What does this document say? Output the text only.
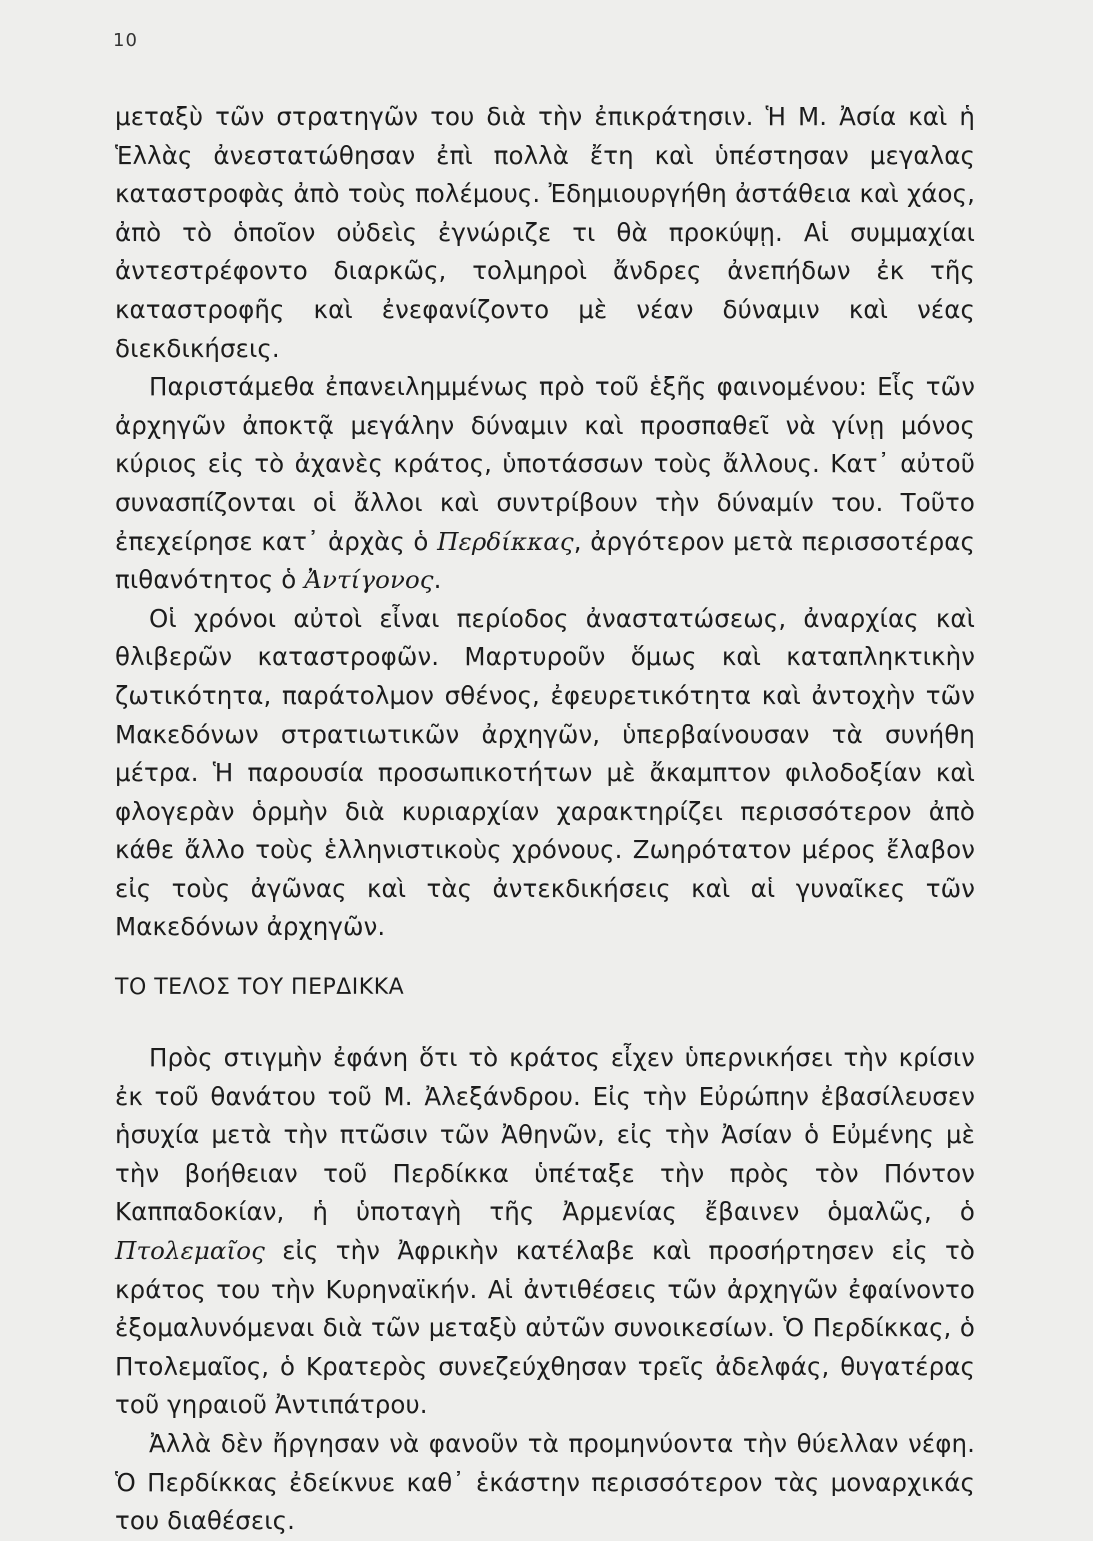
10

μεταξὺ τῶν στρατηγῶν του διὰ τὴν ἐπικράτησιν. Ἡ Μ. Ἀσία καὶ ἡ Ἑλλὰς ἀνεστατώθησαν ἐπὶ πολλὰ ἔτη καὶ ὑπέστησαν μεγαλας καταστροφὰς ἀπὸ τοὺς πολέμους. Ἐδημιουργήθη ἀστάθεια καὶ χάος, ἀπὸ τὸ ὁποῖον οὐδεὶς ἐγνώριζε τι θὰ προκύψῃ. Αἱ συμμαχίαι ἀντεστρέφοντο διαρκῶς, τολμηροὶ ἄνδρες ἀνεπήδων ἐκ τῆς καταστροφῆς καὶ ἐνεφανίζοντο μὲ νέαν δύναμιν καὶ νέας διεκδικήσεις.

Παριστάμεθα ἐπανειλημμένως πρὸ τοῦ ἑξῆς φαινομένου: Εἷς τῶν ἀρχηγῶν ἀποκτᾷ μεγάλην δύναμιν καὶ προσπαθεῖ νὰ γίνῃ μόνος κύριος εἰς τὸ ἀχανὲς κράτος, ὑποτάσσων τοὺς ἄλλους. Κατ᾽ αὐτοῦ συνασπίζονται οἱ ἄλλοι καὶ συντρίβουν τὴν δύναμίν του. Τοῦτο ἐπεχείρησε κατ᾽ ἀρχὰς ὁ Περδίκκας, ἀργότερον μετὰ περισσοτέρας πιθανότητος ὁ Ἀντίγονος.

Οἱ χρόνοι αὐτοὶ εἶναι περίοδος ἀναστατώσεως, ἀναρχίας καὶ θλιβερῶν καταστροφῶν. Μαρτυροῦν ὅμως καὶ καταπληκτικὴν ζωτικότητα, παράτολμον σθένος, ἐφευρετικότητα καὶ ἀντοχὴν τῶν Μακεδόνων στρατιωτικῶν ἀρχηγῶν, ὑπερβαίνουσαν τὰ συνήθη μέτρα. Ἡ παρουσία προσωπικοτήτων μὲ ἄκαμπτον φιλοδοξίαν καὶ φλογερὰν ὁρμὴν διὰ κυριαρχίαν χαρακτηρίζει περισσότερον ἀπὸ κάθε ἄλλο τοὺς ἑλληνιστικοὺς χρόνους. Ζωηρότατον μέρος ἔλαβον εἰς τοὺς ἀγῶνας καὶ τὰς ἀντεκδικήσεις καὶ αἱ γυναῖκες τῶν Μακεδόνων ἀρχηγῶν.

ΤΟ ΤΕΛΟΣ ΤΟΥ ΠΕΡΔΙΚΚΑ

Πρὸς στιγμὴν ἐφάνη ὅτι τὸ κράτος εἶχεν ὑπερνικήσει τὴν κρίσιν ἐκ τοῦ θανάτου τοῦ Μ. Ἀλεξάνδρου. Εἰς τὴν Εὐρώπην ἐβασίλευσεν ἡσυχία μετὰ τὴν πτῶσιν τῶν Ἀθηνῶν, εἰς τὴν Ἀσίαν ὁ Εὐμένης μὲ τὴν βοήθειαν τοῦ Περδίκκα ὑπέταξε τὴν πρὸς τὸν Πόντον Καππαδοκίαν, ἡ ὑποταγὴ τῆς Ἀρμενίας ἔβαινεν ὁμαλῶς, ὁ Πτολεμαῖος εἰς τὴν Ἀφρικὴν κατέλαβε καὶ προσήρτησεν εἰς τὸ κράτος του τὴν Κυρηναϊκήν. Αἱ ἀντιθέσεις τῶν ἀρχηγῶν ἐφαίνοντο ἐξομαλυνόμεναι διὰ τῶν μεταξὺ αὐτῶν συνοικεσίων. Ὁ Περδίκκας, ὁ Πτολεμαῖος, ὁ Κρατερὸς συνεζεύχθησαν τρεῖς ἀδελφάς, θυγατέρας τοῦ γηραιοῦ Ἀντιπάτρου.

Ἀλλὰ δὲν ἤργησαν νὰ φανοῦν τὰ προμηνύοντα τὴν θύελλαν νέφη. Ὁ Περδίκκας ἐδείκνυε καθ᾽ ἑκάστην περισσότερον τὰς μοναρχικάς του διαθέσεις.
